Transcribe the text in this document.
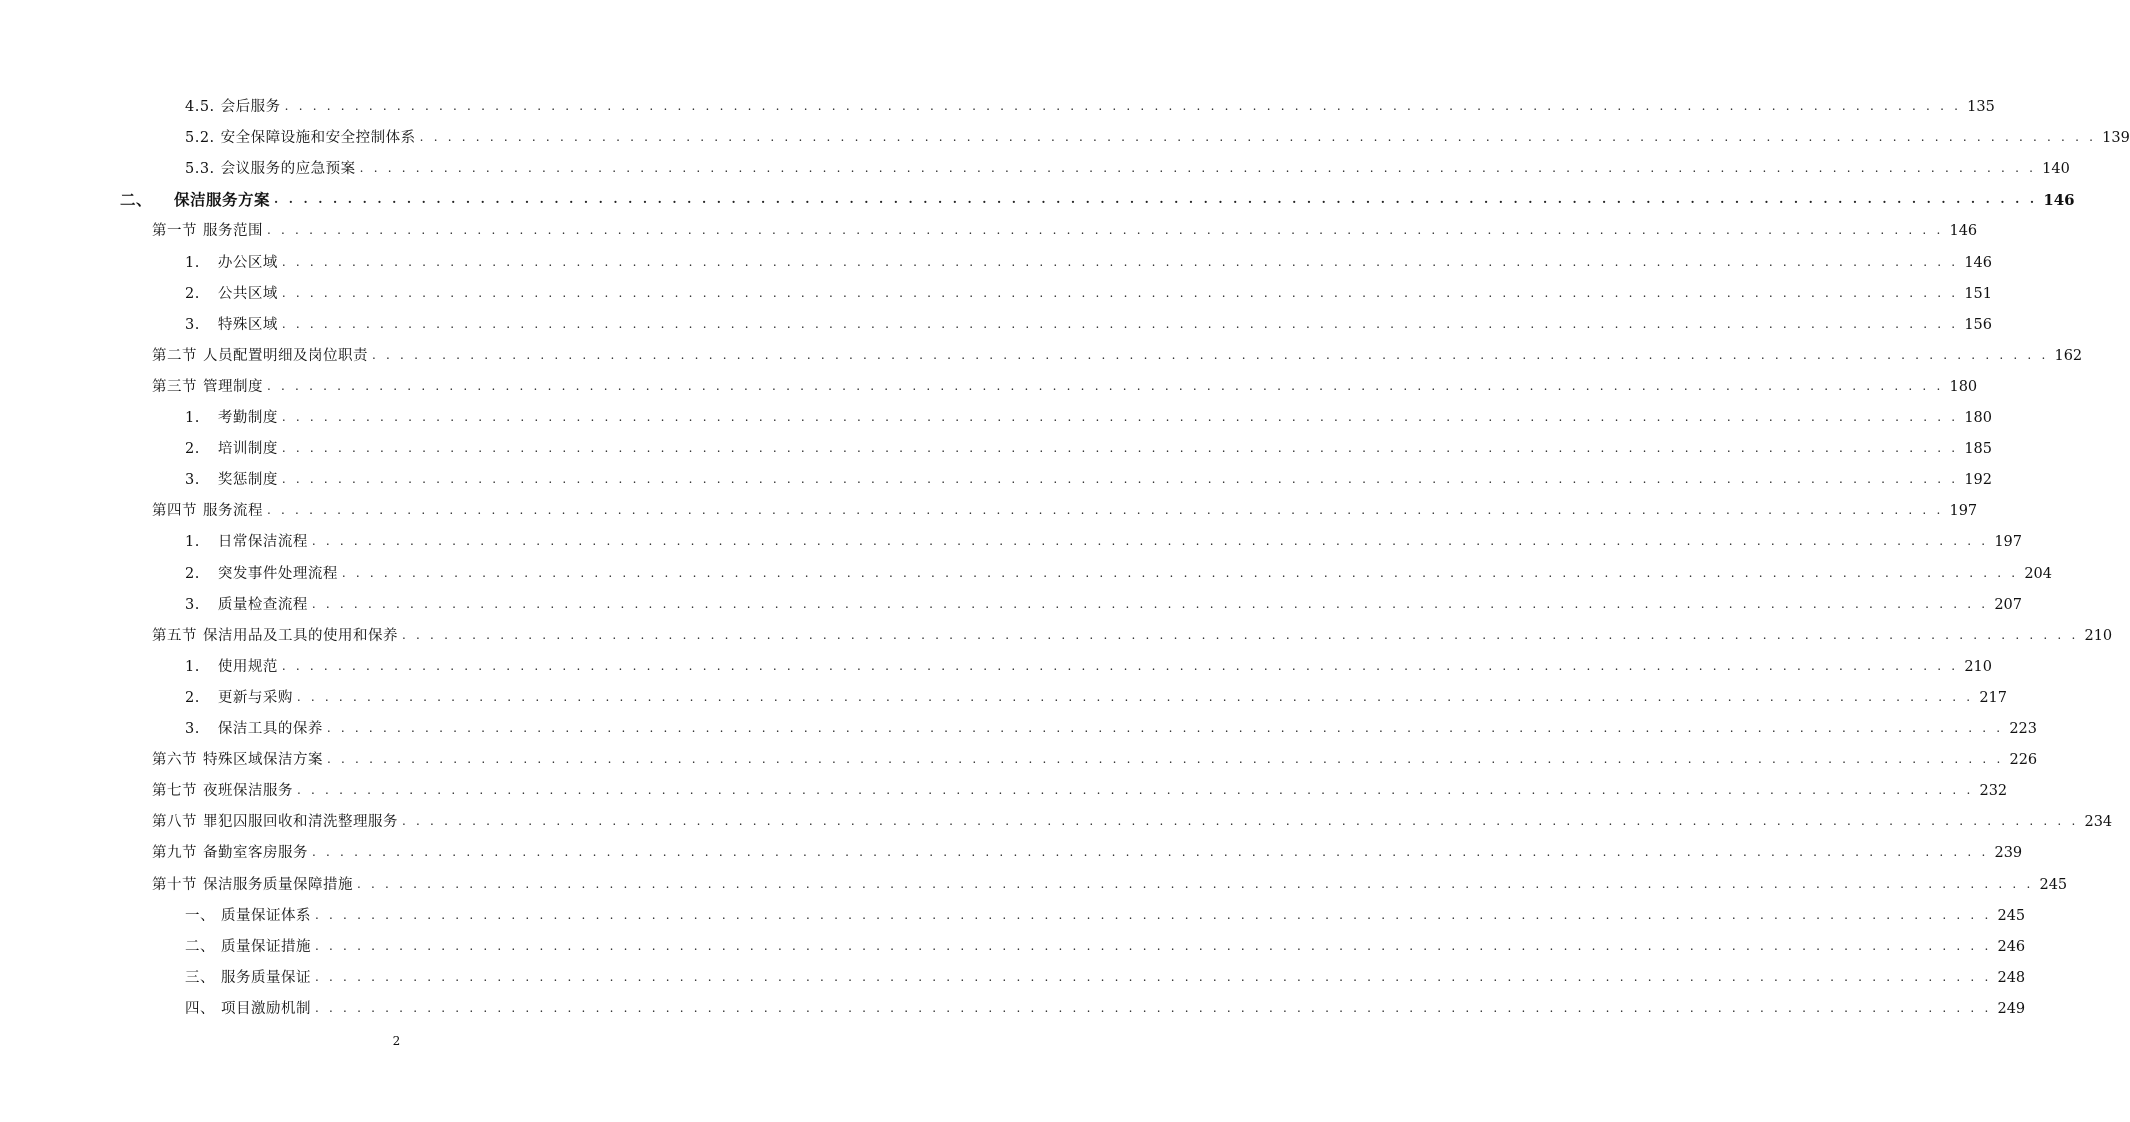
4.5. 会后服务 . . . . . . . . . . . . . . . . . . . . . . . . . . . . . . . . . . . . . . . . . . . . . . . . . . . . . . . . . . . . . . . . . . . . . . . . . . . . . . . . . . . . . . . . . . . . . . . . . . . . . . . . . . . . . . . . . . . . . . . . 135
5.2. 安全保障设施和安全控制体系 . . . . . . . . . . . . . . . . . . . . . . . . . . . . . . . . . . . . . . . . . . . . . . . . . . . . . . . . . . . . . . . . . . . . . . . . . . . . . . . . . . . . . . . . . . . . . . . . . . . . . . . . . . . . . . . . . . . . . . . . 139
5.3. 会议服务的应急预案 . . . . . . . . . . . . . . . . . . . . . . . . . . . . . . . . . . . . . . . . . . . . . . . . . . . . . . . . . . . . . . . . . . . . . . . . . . . . . . . . . . . . . . . . . . . . . . . . . . . . . . . . . . . . . . . . . . . . . . . . 140
二、 保洁服务方案 . . . . . . . . . . . . . . . . . . . . . . . . . . . . . . . . . . . . . . . . . . . . . . . . . . . . . . . . . . . . . . . . . . . . . . . . . . . . . . . . . . . . . . . . . . . . . . . . . . . . . . . . . . . . . . . . . . . . . . . . 146
第一节 服务范围 . . . . . . . . . . . . . . . . . . . . . . . . . . . . . . . . . . . . . . . . . . . . . . . . . . . . . . . . . . . . . . . . . . . . . . . . . . . . . . . . . . . . . . . . . . . . . . . . . . . . . . . . . . . . . . . . . . . . . . . . 146
1. 办公区域 . . . . . . . . . . . . . . . . . . . . . . . . . . . . . . . . . . . . . . . . . . . . . . . . . . . . . . . . . . . . . . . . . . . . . . . . . . . . . . . . . . . . . . . . . . . . . . . . . . . . . . . . . . . . . . . . . . . . . . . . 146
2. 公共区域 . . . . . . . . . . . . . . . . . . . . . . . . . . . . . . . . . . . . . . . . . . . . . . . . . . . . . . . . . . . . . . . . . . . . . . . . . . . . . . . . . . . . . . . . . . . . . . . . . . . . . . . . . . . . . . . . . . . . . . . . 151
3. 特殊区域 . . . . . . . . . . . . . . . . . . . . . . . . . . . . . . . . . . . . . . . . . . . . . . . . . . . . . . . . . . . . . . . . . . . . . . . . . . . . . . . . . . . . . . . . . . . . . . . . . . . . . . . . . . . . . . . . . . . . . . . . 156
第二节 人员配置明细及岗位职责 . . . . . . . . . . . . . . . . . . . . . . . . . . . . . . . . . . . . . . . . . . . . . . . . . . . . . . . . . . . . . . . . . . . . . . . . . . . . . . . . . . . . . . . . . . . . . . . . . . . . . . . . . . . . . . . . . . . . . . . . 162
第三节 管理制度 . . . . . . . . . . . . . . . . . . . . . . . . . . . . . . . . . . . . . . . . . . . . . . . . . . . . . . . . . . . . . . . . . . . . . . . . . . . . . . . . . . . . . . . . . . . . . . . . . . . . . . . . . . . . . . . . . . . . . . . . 180
1. 考勤制度 . . . . . . . . . . . . . . . . . . . . . . . . . . . . . . . . . . . . . . . . . . . . . . . . . . . . . . . . . . . . . . . . . . . . . . . . . . . . . . . . . . . . . . . . . . . . . . . . . . . . . . . . . . . . . . . . . . . . . . . . 180
2. 培训制度 . . . . . . . . . . . . . . . . . . . . . . . . . . . . . . . . . . . . . . . . . . . . . . . . . . . . . . . . . . . . . . . . . . . . . . . . . . . . . . . . . . . . . . . . . . . . . . . . . . . . . . . . . . . . . . . . . . . . . . . . 185
3. 奖惩制度 . . . . . . . . . . . . . . . . . . . . . . . . . . . . . . . . . . . . . . . . . . . . . . . . . . . . . . . . . . . . . . . . . . . . . . . . . . . . . . . . . . . . . . . . . . . . . . . . . . . . . . . . . . . . . . . . . . . . . . . . 192
第四节 服务流程 . . . . . . . . . . . . . . . . . . . . . . . . . . . . . . . . . . . . . . . . . . . . . . . . . . . . . . . . . . . . . . . . . . . . . . . . . . . . . . . . . . . . . . . . . . . . . . . . . . . . . . . . . . . . . . . . . . . . . . . . 197
1. 日常保洁流程 . . . . . . . . . . . . . . . . . . . . . . . . . . . . . . . . . . . . . . . . . . . . . . . . . . . . . . . . . . . . . . . . . . . . . . . . . . . . . . . . . . . . . . . . . . . . . . . . . . . . . . . . . . . . . . . . . . . . . . . . 197
2. 突发事件处理流程 . . . . . . . . . . . . . . . . . . . . . . . . . . . . . . . . . . . . . . . . . . . . . . . . . . . . . . . . . . . . . . . . . . . . . . . . . . . . . . . . . . . . . . . . . . . . . . . . . . . . . . . . . . . . . . . . . . . . . . . . 204
3. 质量检查流程 . . . . . . . . . . . . . . . . . . . . . . . . . . . . . . . . . . . . . . . . . . . . . . . . . . . . . . . . . . . . . . . . . . . . . . . . . . . . . . . . . . . . . . . . . . . . . . . . . . . . . . . . . . . . . . . . . . . . . . . . 207
第五节 保洁用品及工具的使用和保养 . . . . . . . . . . . . . . . . . . . . . . . . . . . . . . . . . . . . . . . . . . . . . . . . . . . . . . . . . . . . . . . . . . . . . . . . . . . . . . . . . . . . . . . . . . . . . . . . . . . . . . . . . . . . . . . . . . . . . . . . 210
1. 使用规范 . . . . . . . . . . . . . . . . . . . . . . . . . . . . . . . . . . . . . . . . . . . . . . . . . . . . . . . . . . . . . . . . . . . . . . . . . . . . . . . . . . . . . . . . . . . . . . . . . . . . . . . . . . . . . . . . . . . . . . . . 210
2. 更新与采购 . . . . . . . . . . . . . . . . . . . . . . . . . . . . . . . . . . . . . . . . . . . . . . . . . . . . . . . . . . . . . . . . . . . . . . . . . . . . . . . . . . . . . . . . . . . . . . . . . . . . . . . . . . . . . . . . . . . . . . . . 217
3. 保洁工具的保养 . . . . . . . . . . . . . . . . . . . . . . . . . . . . . . . . . . . . . . . . . . . . . . . . . . . . . . . . . . . . . . . . . . . . . . . . . . . . . . . . . . . . . . . . . . . . . . . . . . . . . . . . . . . . . . . . . . . . . . . . 223
第六节 特殊区域保洁方案 . . . . . . . . . . . . . . . . . . . . . . . . . . . . . . . . . . . . . . . . . . . . . . . . . . . . . . . . . . . . . . . . . . . . . . . . . . . . . . . . . . . . . . . . . . . . . . . . . . . . . . . . . . . . . . . . . . . . . . . . 226
第七节 夜班保洁服务 . . . . . . . . . . . . . . . . . . . . . . . . . . . . . . . . . . . . . . . . . . . . . . . . . . . . . . . . . . . . . . . . . . . . . . . . . . . . . . . . . . . . . . . . . . . . . . . . . . . . . . . . . . . . . . . . . . . . . . . . 232
第八节 罪犯囚服回收和清洗整理服务 . . . . . . . . . . . . . . . . . . . . . . . . . . . . . . . . . . . . . . . . . . . . . . . . . . . . . . . . . . . . . . . . . . . . . . . . . . . . . . . . . . . . . . . . . . . . . . . . . . . . . . . . . . . . . . . . . . . . . . . . 234
第九节 备勤室客房服务 . . . . . . . . . . . . . . . . . . . . . . . . . . . . . . . . . . . . . . . . . . . . . . . . . . . . . . . . . . . . . . . . . . . . . . . . . . . . . . . . . . . . . . . . . . . . . . . . . . . . . . . . . . . . . . . . . . . . . . . . 239
第十节 保洁服务质量保障措施 . . . . . . . . . . . . . . . . . . . . . . . . . . . . . . . . . . . . . . . . . . . . . . . . . . . . . . . . . . . . . . . . . . . . . . . . . . . . . . . . . . . . . . . . . . . . . . . . . . . . . . . . . . . . . . . . . . . . . . . . 245
一、 质量保证体系 . . . . . . . . . . . . . . . . . . . . . . . . . . . . . . . . . . . . . . . . . . . . . . . . . . . . . . . . . . . . . . . . . . . . . . . . . . . . . . . . . . . . . . . . . . . . . . . . . . . . . . . . . . . . . . . . . . . . . . . . 245
二、 质量保证措施 . . . . . . . . . . . . . . . . . . . . . . . . . . . . . . . . . . . . . . . . . . . . . . . . . . . . . . . . . . . . . . . . . . . . . . . . . . . . . . . . . . . . . . . . . . . . . . . . . . . . . . . . . . . . . . . . . . . . . . . . 246
三、 服务质量保证 . . . . . . . . . . . . . . . . . . . . . . . . . . . . . . . . . . . . . . . . . . . . . . . . . . . . . . . . . . . . . . . . . . . . . . . . . . . . . . . . . . . . . . . . . . . . . . . . . . . . . . . . . . . . . . . . . . . . . . . . 248
四、 项目激励机制 . . . . . . . . . . . . . . . . . . . . . . . . . . . . . . . . . . . . . . . . . . . . . . . . . . . . . . . . . . . . . . . . . . . . . . . . . . . . . . . . . . . . . . . . . . . . . . . . . . . . . . . . . . . . . . . . . . . . . . . . 249
2
